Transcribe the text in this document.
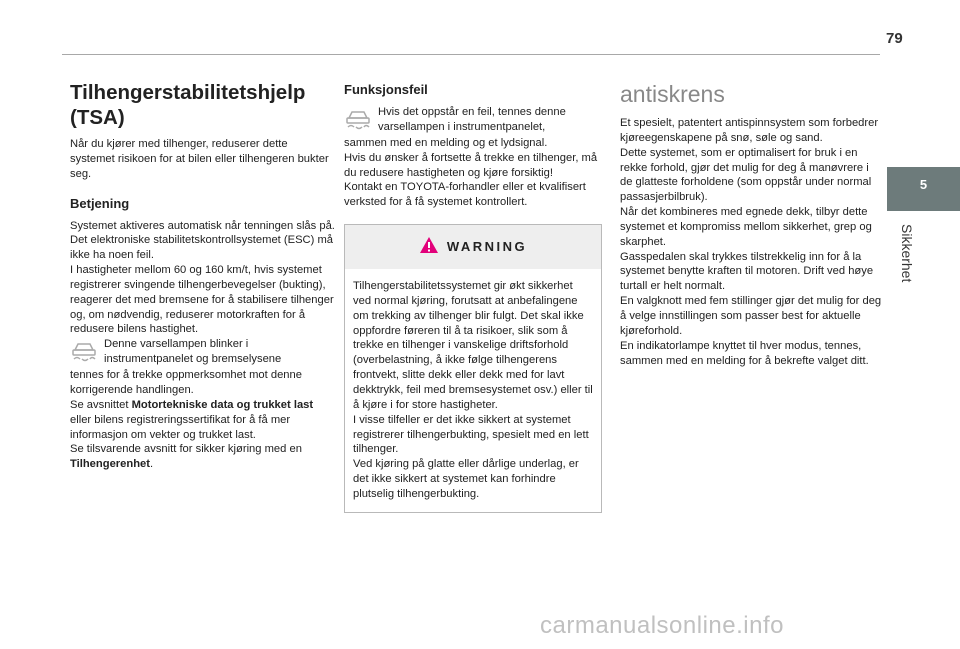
79
5
Sikkerhet
Tilhengerstabilitetshjelp (TSA)

Når du kjører med tilhenger, reduserer dette systemet risikoen for at bilen eller tilhengeren bukter seg.

Betjening

Systemet aktiveres automatisk når tenningen slås på.
Det elektroniske stabilitetskontrollsystemet (ESC) må ikke ha noen feil.
I hastigheter mellom 60 og 160 km/t, hvis systemet registrerer svingende tilhengerbevegelser (bukting), reagerer det med bremsene for å stabilisere tilhenger og, om nødvendig, reduserer motorkraften for å redusere bilens hastighet.

Denne varsellampen blinker i instrumentpanelet og bremselysene

tennes for å trekke oppmerksomhet mot denne korrigerende handlingen.

Se avsnittet Motortekniske data og trukket last eller bilens registreringssertifikat for å få mer informasjon om vekter og trukket last.

Se tilsvarende avsnitt for sikker kjøring med en Tilhengerenhet.

Funksjonsfeil

Hvis det oppstår en feil, tennes denne varsellampen i instrumentpanelet,

sammen med en melding og et lydsignal.
Hvis du ønsker å fortsette å trekke en tilhenger, må du redusere hastigheten og kjøre forsiktig!
Kontakt en TOYOTA-forhandler eller et kvalifisert verksted for å få systemet kontrollert.

WARNING
Tilhengerstabilitetssystemet gir økt sikkerhet ved normal kjøring, forutsatt at anbefalingene om trekking av tilhenger blir fulgt. Det skal ikke oppfordre føreren til å ta risikoer, slik som å trekke en tilhenger i vanskelige driftsforhold (overbelastning, å ikke følge tilhengerens frontvekt, slitte dekk eller dekk med for lavt dekktrykk, feil med bremsesystemet osv.) eller til å kjøre i for store hastigheter.
I visse tilfeller er det ikke sikkert at systemet registrerer tilhengerbukting, spesielt med en lett tilhenger.
Ved kjøring på glatte eller dårlige underlag, er det ikke sikkert at systemet kan forhindre plutselig tilhengerbukting.
antiskrens

Et spesielt, patentert antispinnsystem som forbedrer kjøreegenskapene på snø, søle og sand.
Dette systemet, som er optimalisert for bruk i en rekke forhold, gjør det mulig for deg å manøvrere i de glatteste forholdene (som oppstår under normal passasjerbilbruk).
Når det kombineres med egnede dekk, tilbyr dette systemet et kompromiss mellom sikkerhet, grep og skarphet.
Gasspedalen skal trykkes tilstrekkelig inn for å la systemet benytte kraften til motoren. Drift ved høye turtall er helt normalt.
En valgknott med fem stillinger gjør det mulig for deg å velge innstillingen som passer best for aktuelle kjøreforhold.
En indikatorlampe knyttet til hver modus, tennes, sammen med en melding for å bekrefte valget ditt.

carmanualsonline.info
